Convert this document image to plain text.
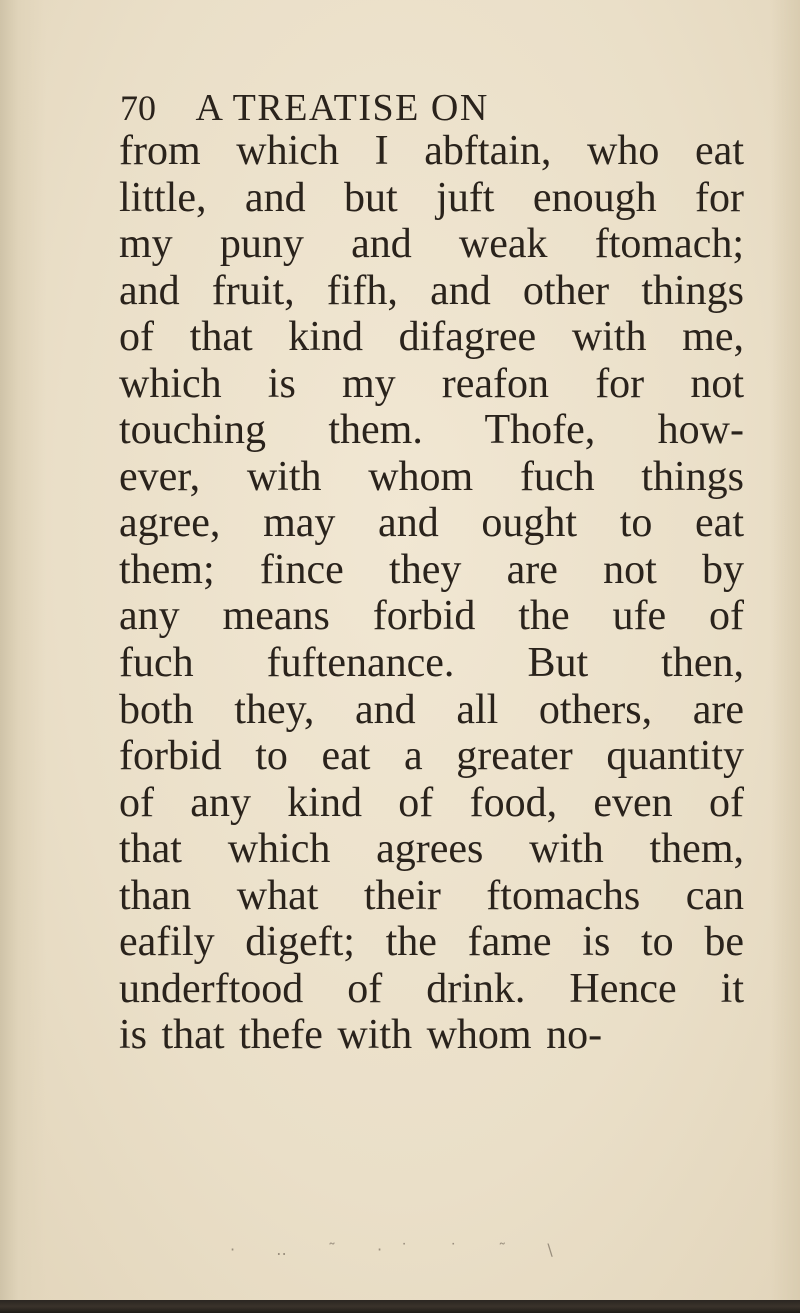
70 A TREATISE ON
from which I abftain, who eat
little, and but juft enough for
my puny and weak ftomach;
and fruit, fifh, and other things
of that kind difagree with me,
which is my reafon for not
touching them. Thofe, how-
ever, with whom fuch things
agree, may and ought to eat
them; fince they are not by
any means forbid the ufe of
fuch fuftenance. But then,
both they, and all others, are
forbid to eat a greater quantity
of any kind of food, even of
that which agrees with them,
than what their ftomachs can
eafily digeft; the fame is to be
underftood of drink. Hence it
is that thefe with whom no-
· ‥ ˜ ·˙ ˙ ˜ \
